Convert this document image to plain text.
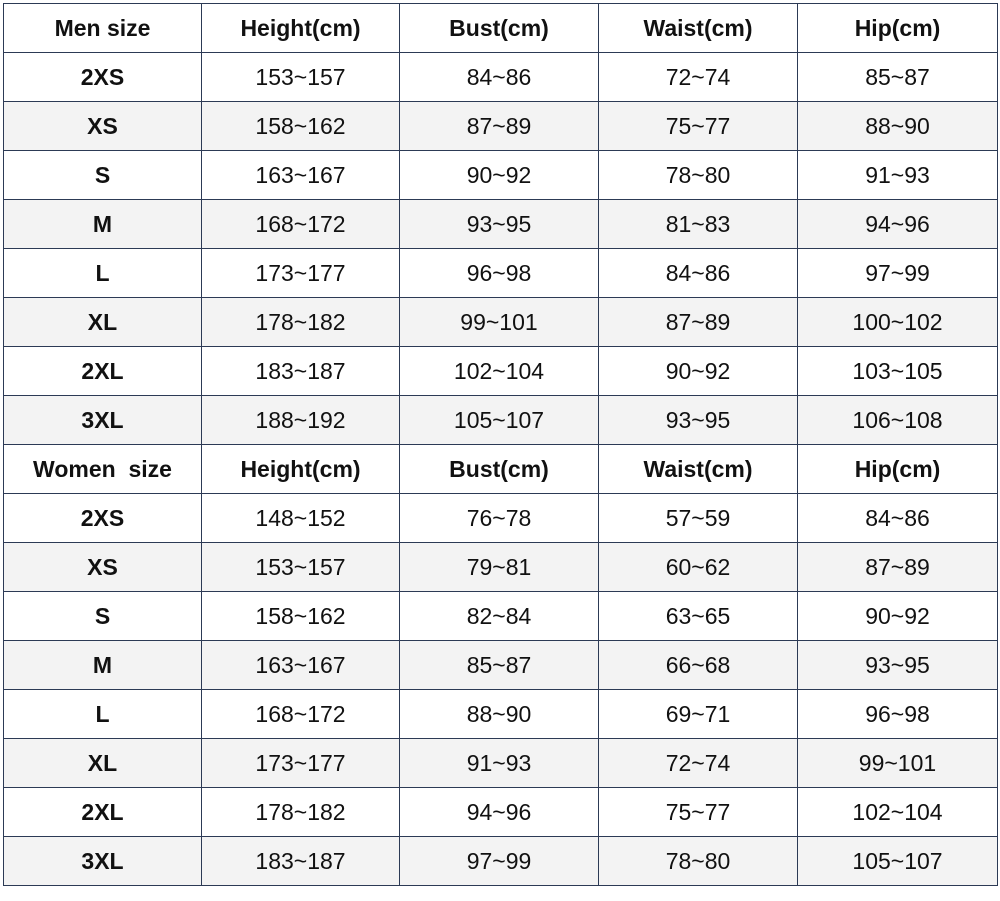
Men size	Height(cm)	Bust(cm)	Waist(cm)	Hip(cm)
2XS	153~157	84~86	72~74	85~87
XS	158~162	87~89	75~77	88~90
S	163~167	90~92	78~80	91~93
M	168~172	93~95	81~83	94~96
L	173~177	96~98	84~86	97~99
XL	178~182	99~101	87~89	100~102
2XL	183~187	102~104	90~92	103~105
3XL	188~192	105~107	93~95	106~108
Women  size	Height(cm)	Bust(cm)	Waist(cm)	Hip(cm)
2XS	148~152	76~78	57~59	84~86
XS	153~157	79~81	60~62	87~89
S	158~162	82~84	63~65	90~92
M	163~167	85~87	66~68	93~95
L	168~172	88~90	69~71	96~98
XL	173~177	91~93	72~74	99~101
2XL	178~182	94~96	75~77	102~104
3XL	183~187	97~99	78~80	105~107
